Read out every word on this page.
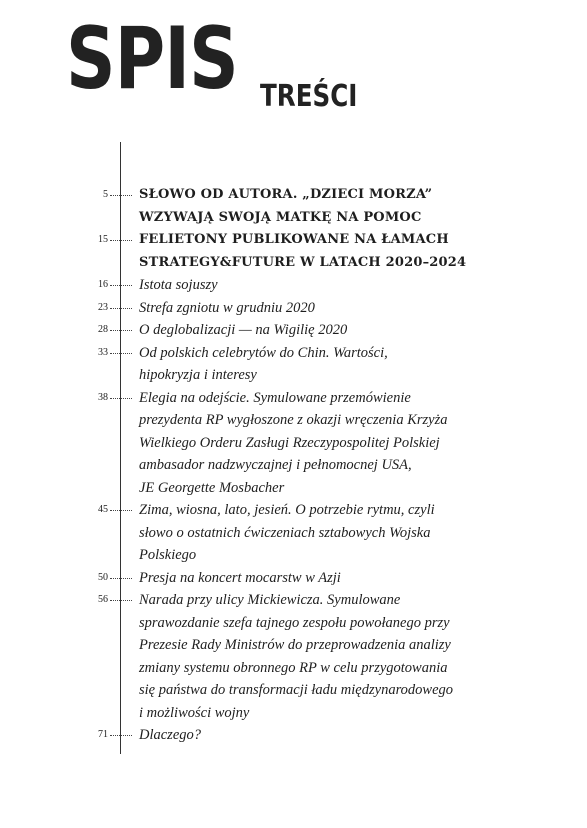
SPIS TREŚCI
5 SŁOWO OD AUTORA. „DZIECI MORZA”
WZYWAJĄ SWOJĄ MATKĘ NA POMOC
15 FELIETONY PUBLIKOWANE NA ŁAMACH
STRATEGY&FUTURE W LATACH 2020–2024
16 Istota sojuszy
23 Strefa zgniotu w grudniu 2020
28 O deglobalizacji — na Wigilię 2020
33 Od polskich celebrytów do Chin. Wartości,
hipokryzja i interesy
38 Elegia na odejście. Symulowane przemówienie
prezydenta RP wygłoszone z okazji wręczenia Krzyża
Wielkiego Orderu Zasługi Rzeczypospolitej Polskiej
ambasador nadzwyczajnej i pełnomocnej USA,
JE Georgette Mosbacher
45 Zima, wiosna, lato, jesień. O potrzebie rytmu, czyli
słowo o ostatnich ćwiczeniach sztabowych Wojska
Polskiego
50 Presja na koncert mocarstw w Azji
56 Narada przy ulicy Mickiewicza. Symulowane
sprawozdanie szefa tajnego zespołu powołanego przy
Prezesie Rady Ministrów do przeprowadzenia analizy
zmiany systemu obronnego RP w celu przygotowania
się państwa do transformacji ładu międzynarodowego
i możliwości wojny
71 Dlaczego?
